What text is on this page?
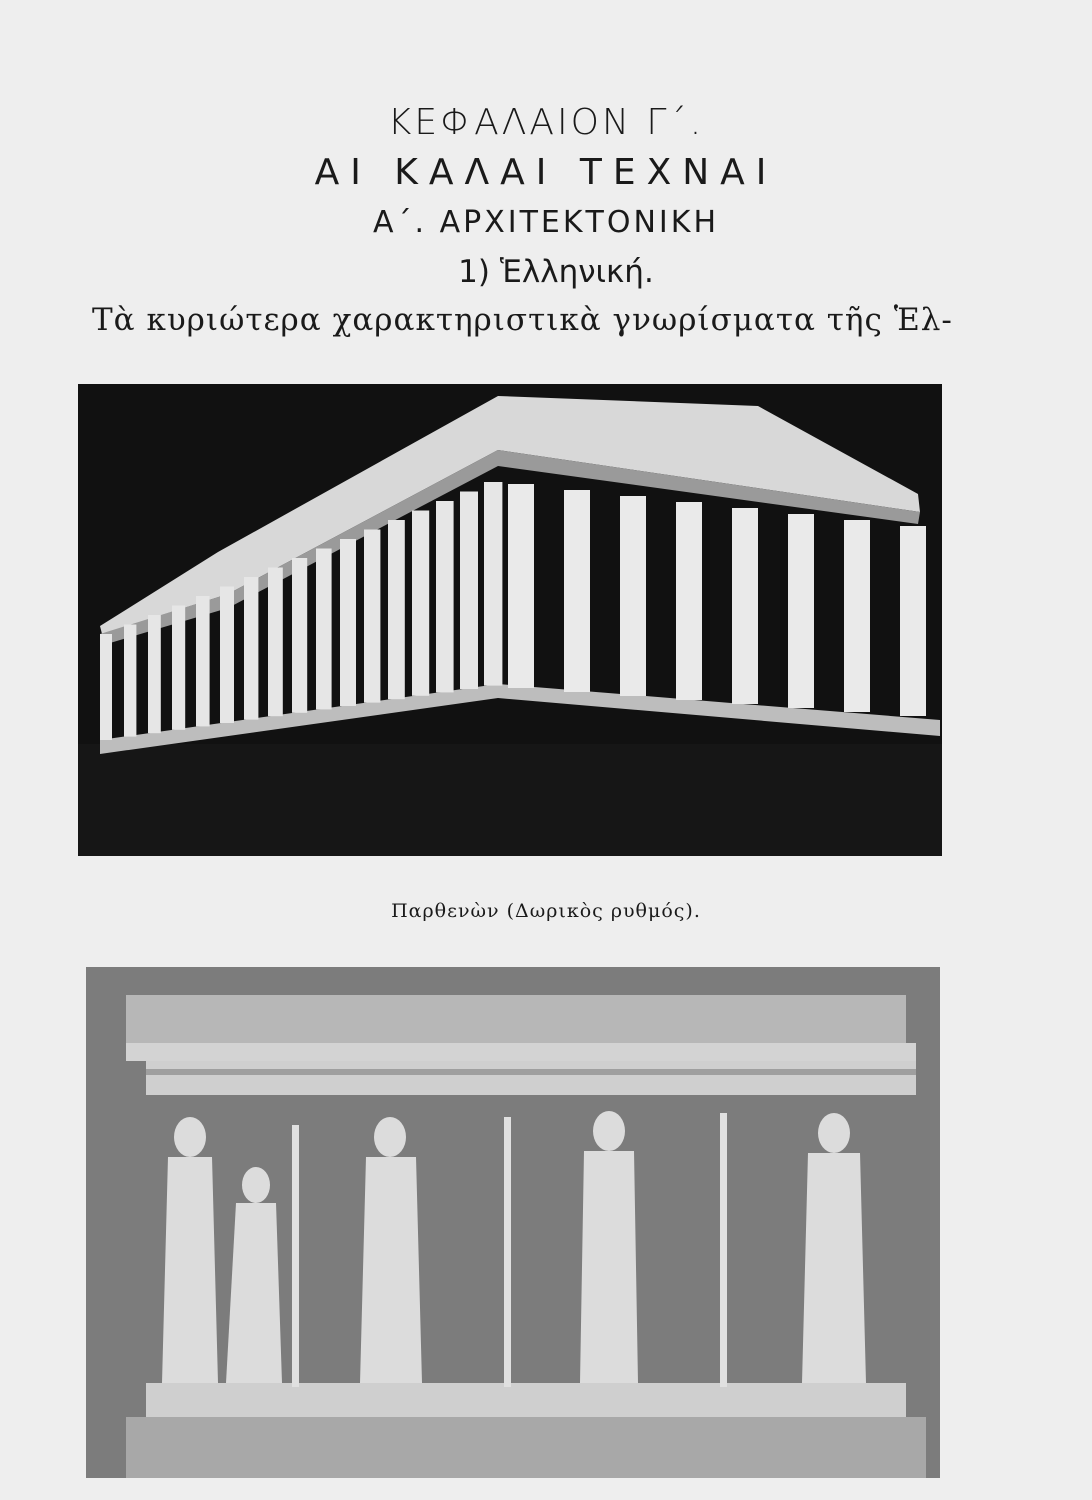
ΚΕΦΑΛΑΙΟΝ Γ΄.
ΑΙ ΚΑΛΑΙ ΤΕΧΝΑΙ
Α΄. ΑΡΧΙΤΕΚΤΟΝΙΚΗ
1) Ἑλληνική.
Τὰ κυριώτερα χαρακτηριστικὰ γνωρίσματα τῆς Ἑλ-
Παρθενὼν (Δωρικὸς ρυθμός).
